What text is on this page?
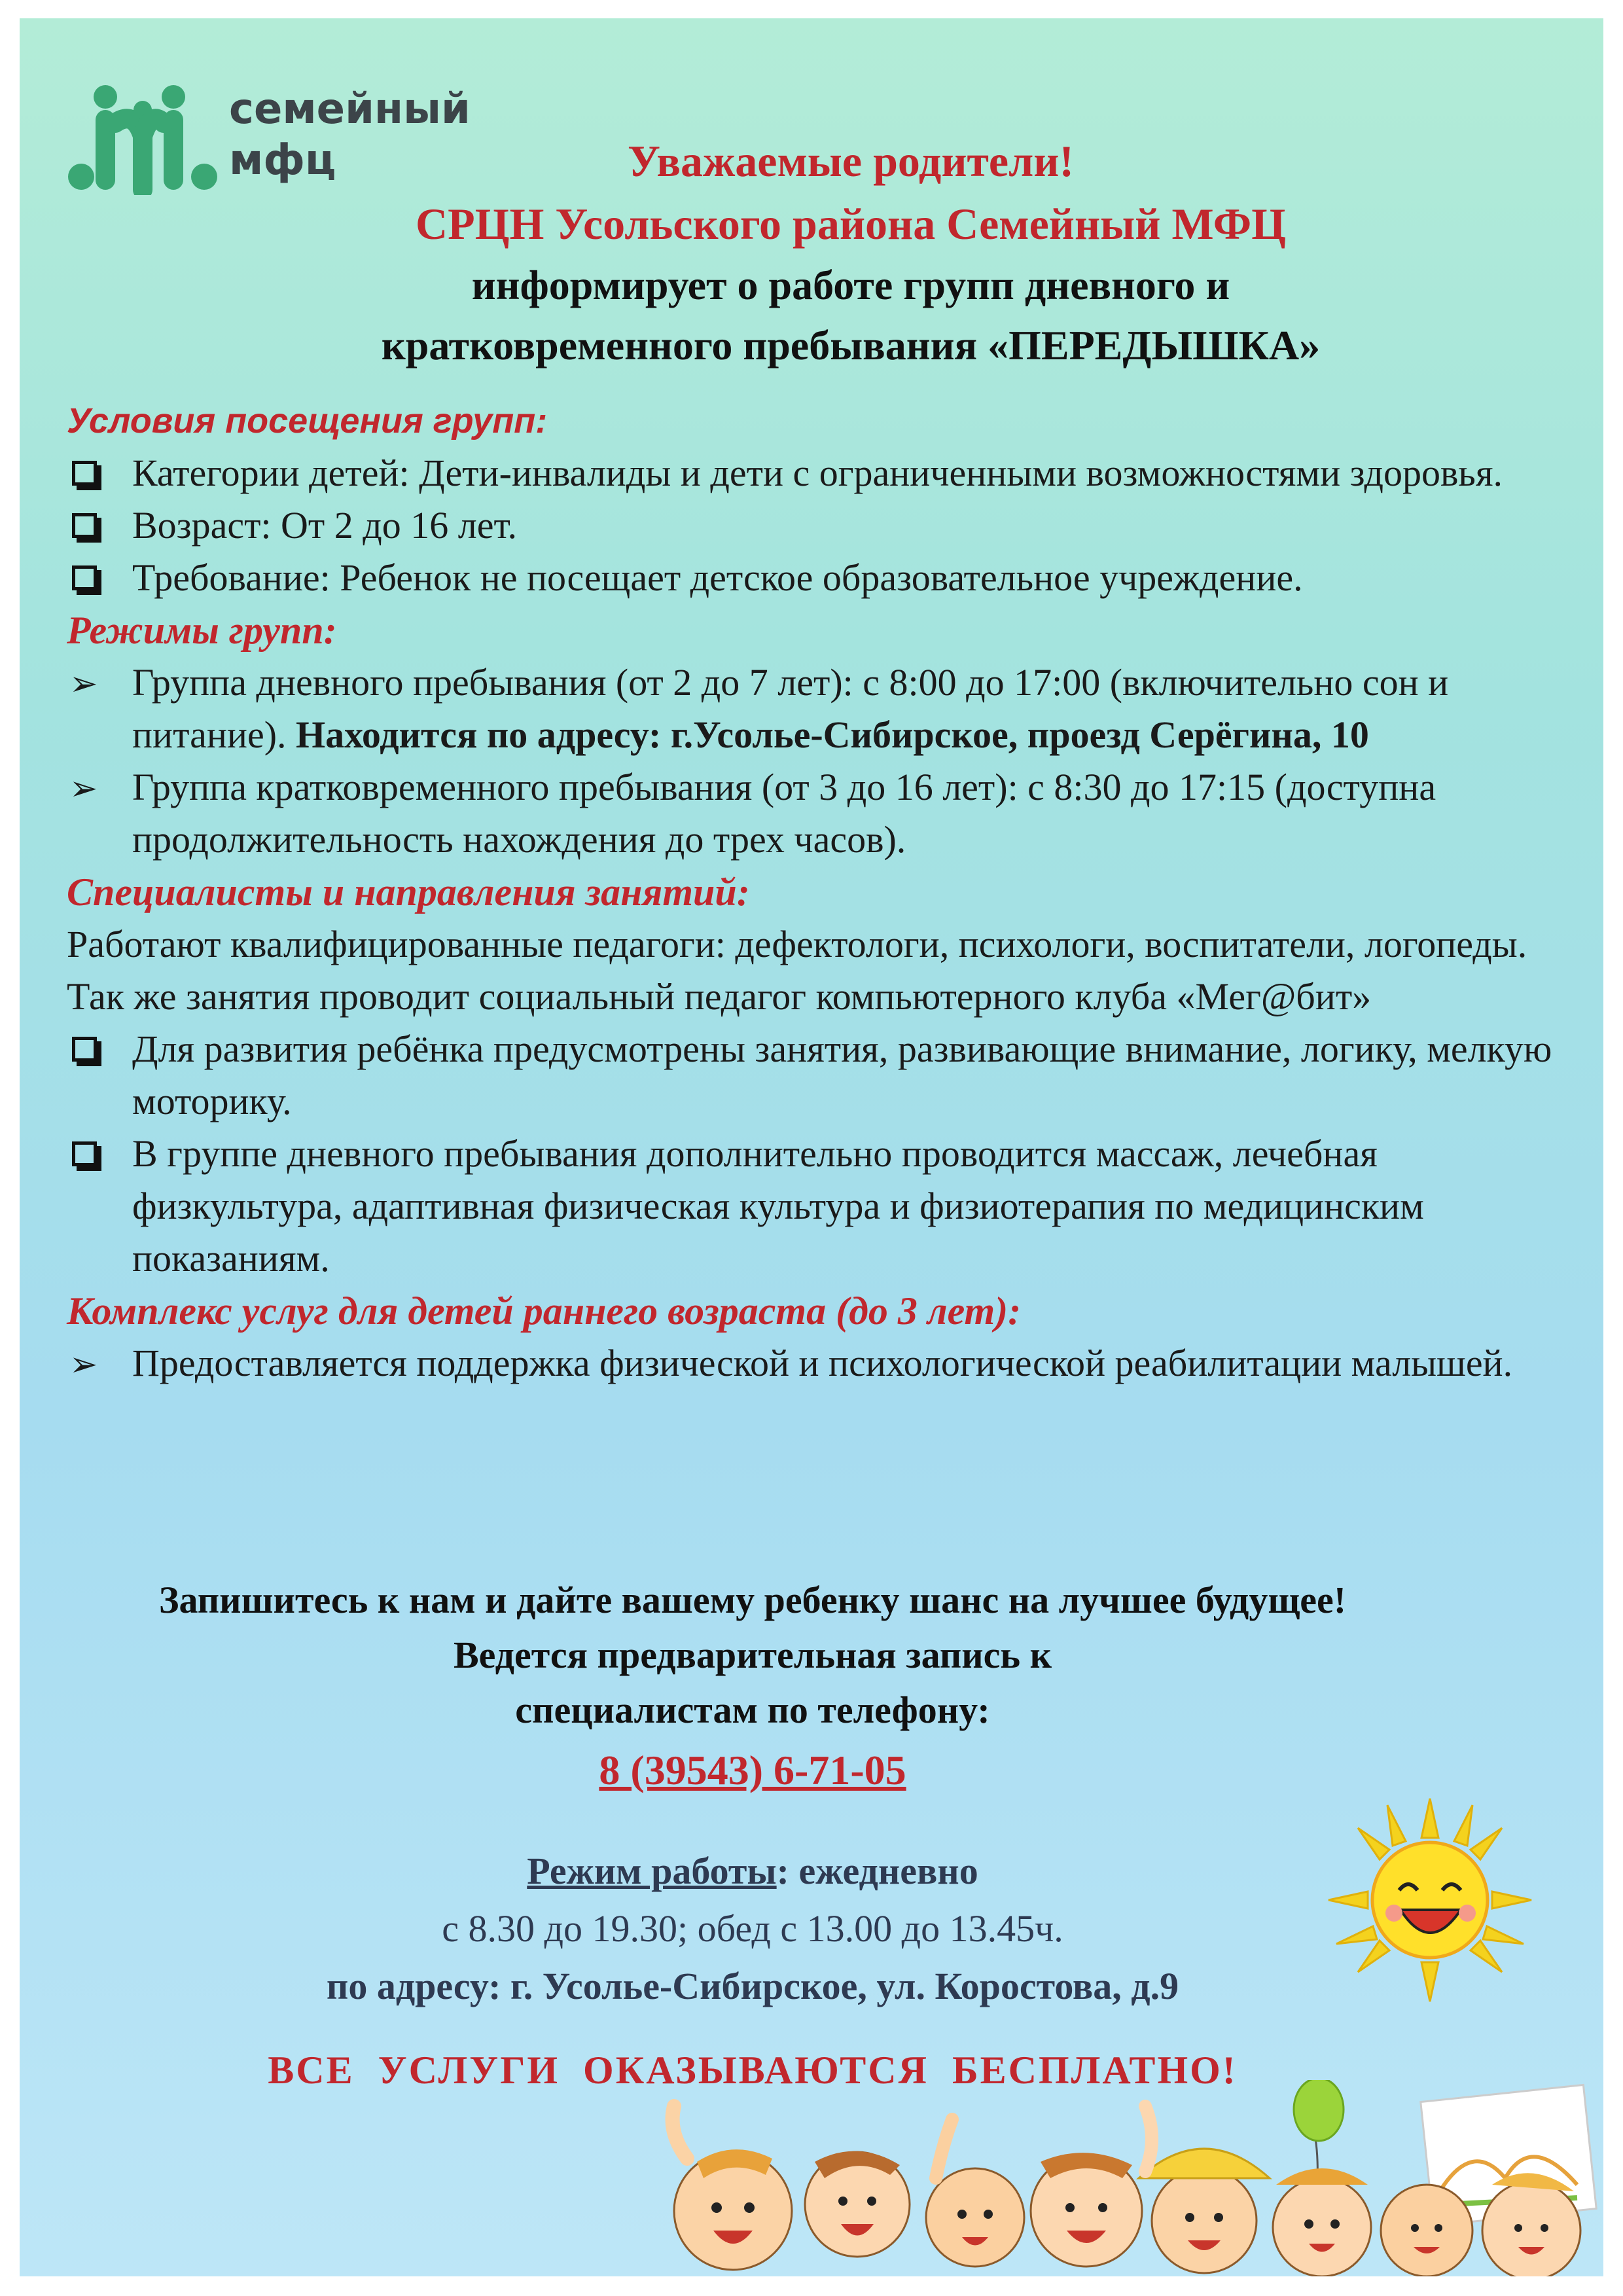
семейный
мфц	Уважаемые родители!
СРЦН Усольского района Семейный МФЦ
информирует о работе групп дневного и
кратковременного пребывания «ПЕРЕДЫШКА»
Условия посещения групп:
Категории детей: Дети-инвалиды и дети с ограниченными возможностями здоровья.
Возраст: От 2 до 16 лет.
Требование: Ребенок не посещает детское образовательное учреждение.
Режимы групп:
➢ Группа дневного пребывания (от 2 до 7 лет): с 8:00 до 17:00 (включительно сон и питание). Находится по адресу: г.Усолье-Сибирское, проезд Серёгина, 10
➢ Группа кратковременного пребывания (от 3 до 16 лет): с 8:30 до 17:15 (доступна продолжительность нахождения до трех часов).
Специалисты и направления занятий:
Работают квалифицированные педагоги: дефектологи, психологи, воспитатели, логопеды. Так же занятия проводит социальный педагог компьютерного клуба «Мег@бит»
Для развития ребёнка предусмотрены занятия, развивающие внимание, логику, мелкую моторику.
В группе дневного пребывания дополнительно проводится массаж, лечебная физкультура, адаптивная физическая культура и физиотерапия по медицинским показаниям.
Комплекс услуг для детей раннего возраста (до 3 лет):
➢ Предоставляется поддержка физической и психологической реабилитации малышей.
Запишитесь к нам и дайте вашему ребенку шанс на лучшее будущее!
Ведется предварительная запись к
специалистам по телефону:
8 (39543) 6-71-05
Режим работы: ежедневно
с 8.30 до 19.30; обед с 13.00 до 13.45ч.
по адресу: г. Усолье-Сибирское, ул. Коростова, д.9
ВСЕ УСЛУГИ ОКАЗЫВАЮТСЯ БЕСПЛАТНО!
